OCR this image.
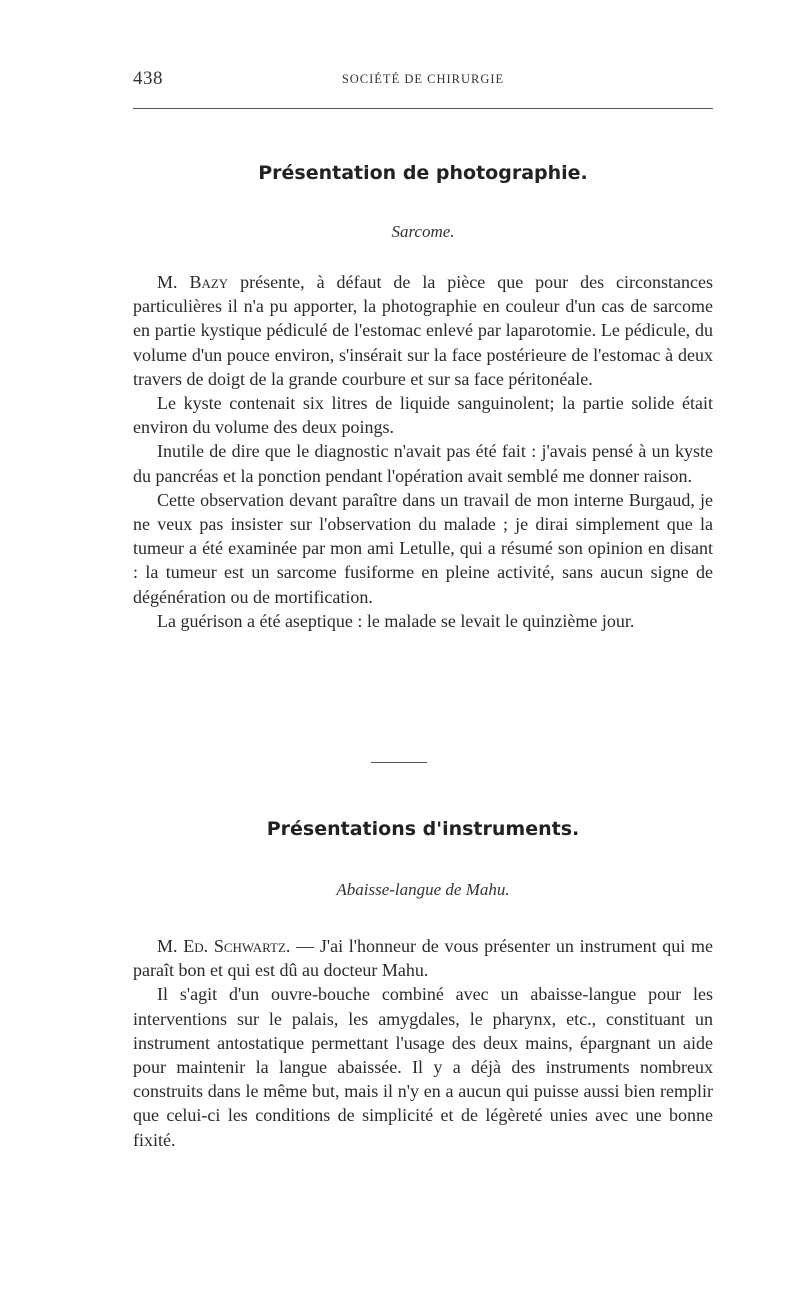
438	SOCIÉTÉ DE CHIRURGIE
Présentation de photographie.
Sarcome.

M. Bazy présente, à défaut de la pièce que pour des circonstances particulières il n'a pu apporter, la photographie en couleur d'un cas de sarcome en partie kystique pédiculé de l'estomac enlevé par laparotomie. Le pédicule, du volume d'un pouce environ, s'insérait sur la face postérieure de l'estomac à deux travers de doigt de la grande courbure et sur sa face péritonéale.

Le kyste contenait six litres de liquide sanguinolent; la partie solide était environ du volume des deux poings.

Inutile de dire que le diagnostic n'avait pas été fait : j'avais pensé à un kyste du pancréas et la ponction pendant l'opération avait semblé me donner raison.

Cette observation devant paraître dans un travail de mon interne Burgaud, je ne veux pas insister sur l'observation du malade ; je dirai simplement que la tumeur a été examinée par mon ami Letulle, qui a résumé son opinion en disant : la tumeur est un sarcome fusiforme en pleine activité, sans aucun signe de dégénération ou de mortification.

La guérison a été aseptique : le malade se levait le quinzième jour.

Présentations d'instruments.
Abaisse-langue de Mahu.

M. Ed. Schwartz. — J'ai l'honneur de vous présenter un instrument qui me paraît bon et qui est dû au docteur Mahu.

Il s'agit d'un ouvre-bouche combiné avec un abaisse-langue pour les interventions sur le palais, les amygdales, le pharynx, etc., constituant un instrument antostatique permettant l'usage des deux mains, épargnant un aide pour maintenir la langue abaissée. Il y a déjà des instruments nombreux construits dans le même but, mais il n'y en a aucun qui puisse aussi bien remplir que celui-ci les conditions de simplicité et de légèreté unies avec une bonne fixité.
